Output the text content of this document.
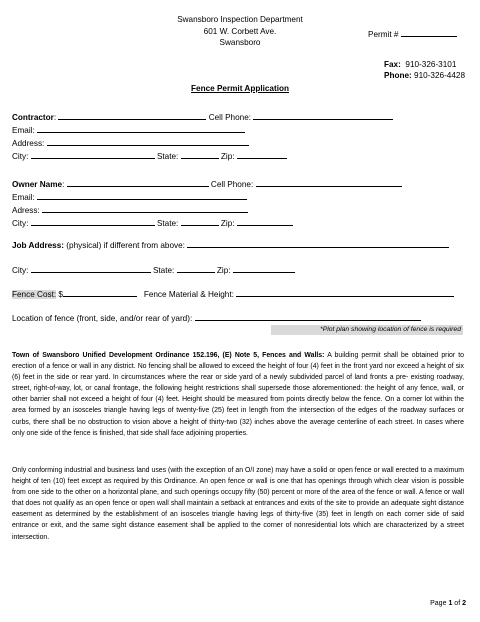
Swansboro Inspection Department
601 W. Corbett Ave.
Swansboro
Permit #
Fax: 910-326-3101
Phone: 910-326-4428
Fence Permit Application
Contractor:	Cell Phone:
Email:
Address:
City:	State:	Zip:
Owner Name:	Cell Phone:
Email:
Adress:
City:	State:	Zip:
Job Address: (physical) if different from above:
City:	State:	Zip:
Fence Cost: $	Fence Material & Height:
Location of fence (front, side, and/or rear of yard):
*Plot plan showing location of fence is required
Town of Swansboro Unified Development Ordinance 152.196, (E) Note 5, Fences and Walls: A building permit shall be obtained prior to erection of a fence or wall in any district. No fencing shall be allowed to exceed the height of four (4) feet in the front yard nor exceed a height of six (6) feet in the side or rear yard. In circumstances where the rear or side yard of a newly subdivided parcel of land fronts a pre- existing roadway, street, right-of-way, lot, or canal frontage, the following height restrictions shall supersede those aforementioned: the height of any fence, wall, or other barrier shall not exceed a height of four (4) feet. Height should be measured from points directly below the fence. On a corner lot within the area formed by an isosceles triangle having legs of twenty-five (25) feet in length from the intersection of the edges of the roadway surfaces or curbs, there shall be no obstruction to vision above a height of thirty-two (32) inches above the average centerline of each street. In cases where only one side of the fence is finished, that side shall face adjoining properties.
Only conforming industrial and business land uses (with the exception of an O/I zone) may have a solid or open fence or wall erected to a maximum height of ten (10) feet except as required by this Ordinance. An open fence or wall is one that has openings through which clear vision is possible from one side to the other on a horizontal plane, and such openings occupy fifty (50) percent or more of the area of the fence or wall. A fence or wall that does not qualify as an open fence or open wall shall maintain a setback at entrances and exits of the site to provide an adequate sight distance easement as determined by the establishment of an isosceles triangle having legs of thirty-five (35) feet in length on each corner side of said entrance or exit, and the same sight distance easement shall be applied to the corner of nonresidential lots which are characterized by a street intersection.
Page 1 of 2
